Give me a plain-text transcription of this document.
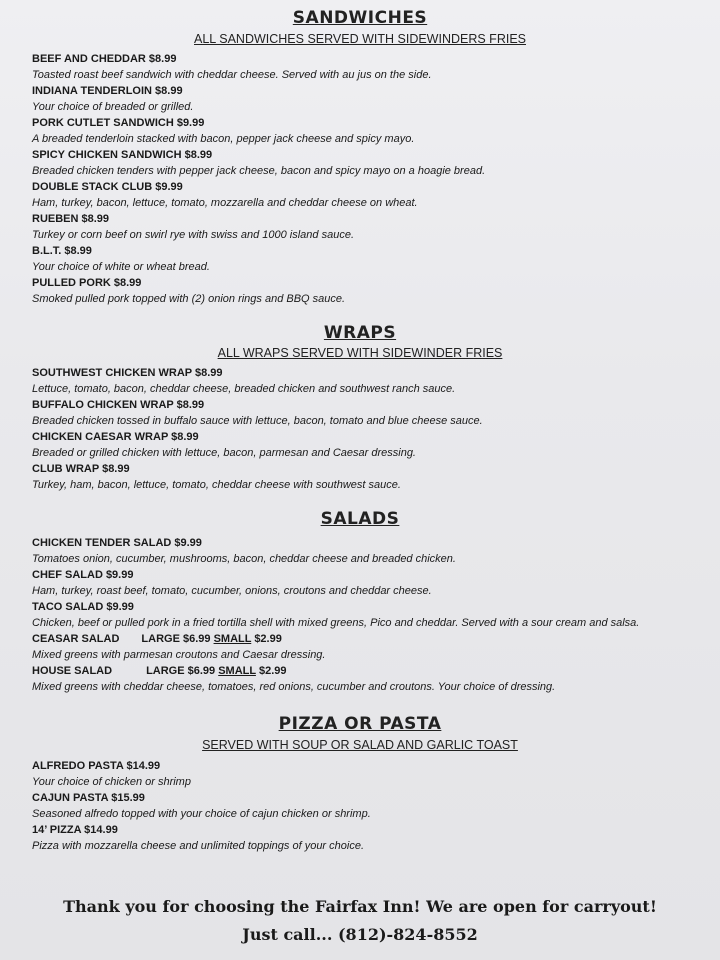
SANDWICHES
ALL SANDWICHES SERVED WITH SIDEWINDERS FRIES
BEEF AND CHEDDAR $8.99
Toasted roast beef sandwich with cheddar cheese. Served with au jus on the side.
INDIANA TENDERLOIN $8.99
Your choice of breaded or grilled.
PORK CUTLET SANDWICH $9.99
A breaded tenderloin stacked with bacon, pepper jack cheese and spicy mayo.
SPICY CHICKEN SANDWICH $8.99
Breaded chicken tenders with pepper jack cheese, bacon and spicy mayo on a hoagie bread.
DOUBLE STACK CLUB $9.99
Ham, turkey, bacon, lettuce, tomato, mozzarella and cheddar cheese on wheat.
RUEBEN $8.99
Turkey or corn beef on swirl rye with swiss and 1000 island sauce.
B.L.T. $8.99
Your choice of white or wheat bread.
PULLED PORK $8.99
Smoked pulled pork topped with (2) onion rings and BBQ sauce.
WRAPS
ALL WRAPS SERVED WITH SIDEWINDER FRIES
SOUTHWEST CHICKEN WRAP $8.99
Lettuce, tomato, bacon, cheddar cheese, breaded chicken and southwest ranch sauce.
BUFFALO CHICKEN WRAP $8.99
Breaded chicken tossed in buffalo sauce with lettuce, bacon, tomato and blue cheese sauce.
CHICKEN CAESAR WRAP $8.99
Breaded or grilled chicken with lettuce, bacon, parmesan and Caesar dressing.
CLUB WRAP $8.99
Turkey, ham, bacon, lettuce, tomato, cheddar cheese with southwest sauce.
SALADS
CHICKEN TENDER SALAD $9.99
Tomatoes onion, cucumber, mushrooms, bacon, cheddar cheese and breaded chicken.
CHEF SALAD $9.99
Ham, turkey, roast beef, tomato, cucumber, onions, croutons and cheddar cheese.
TACO SALAD $9.99
Chicken, beef or pulled pork in a fried tortilla shell with mixed greens, Pico and cheddar. Served with a sour cream and salsa.
CEASAR SALAD LARGE $6.99 SMALL $2.99
Mixed greens with parmesan croutons and Caesar dressing.
HOUSE SALAD	LARGE $6.99 SMALL $2.99
Mixed greens with cheddar cheese, tomatoes, red onions, cucumber and croutons. Your choice of dressing.
PIZZA OR PASTA
SERVED WITH SOUP OR SALAD AND GARLIC TOAST
ALFREDO PASTA $14.99
Your choice of chicken or shrimp
CAJUN PASTA $15.99
Seasoned alfredo topped with your choice of cajun chicken or shrimp.
14’ PIZZA $14.99
Pizza with mozzarella cheese and unlimited toppings of your choice.
Thank you for choosing the Fairfax Inn! We are open for carryout!
Just call... (812)-824-8552
